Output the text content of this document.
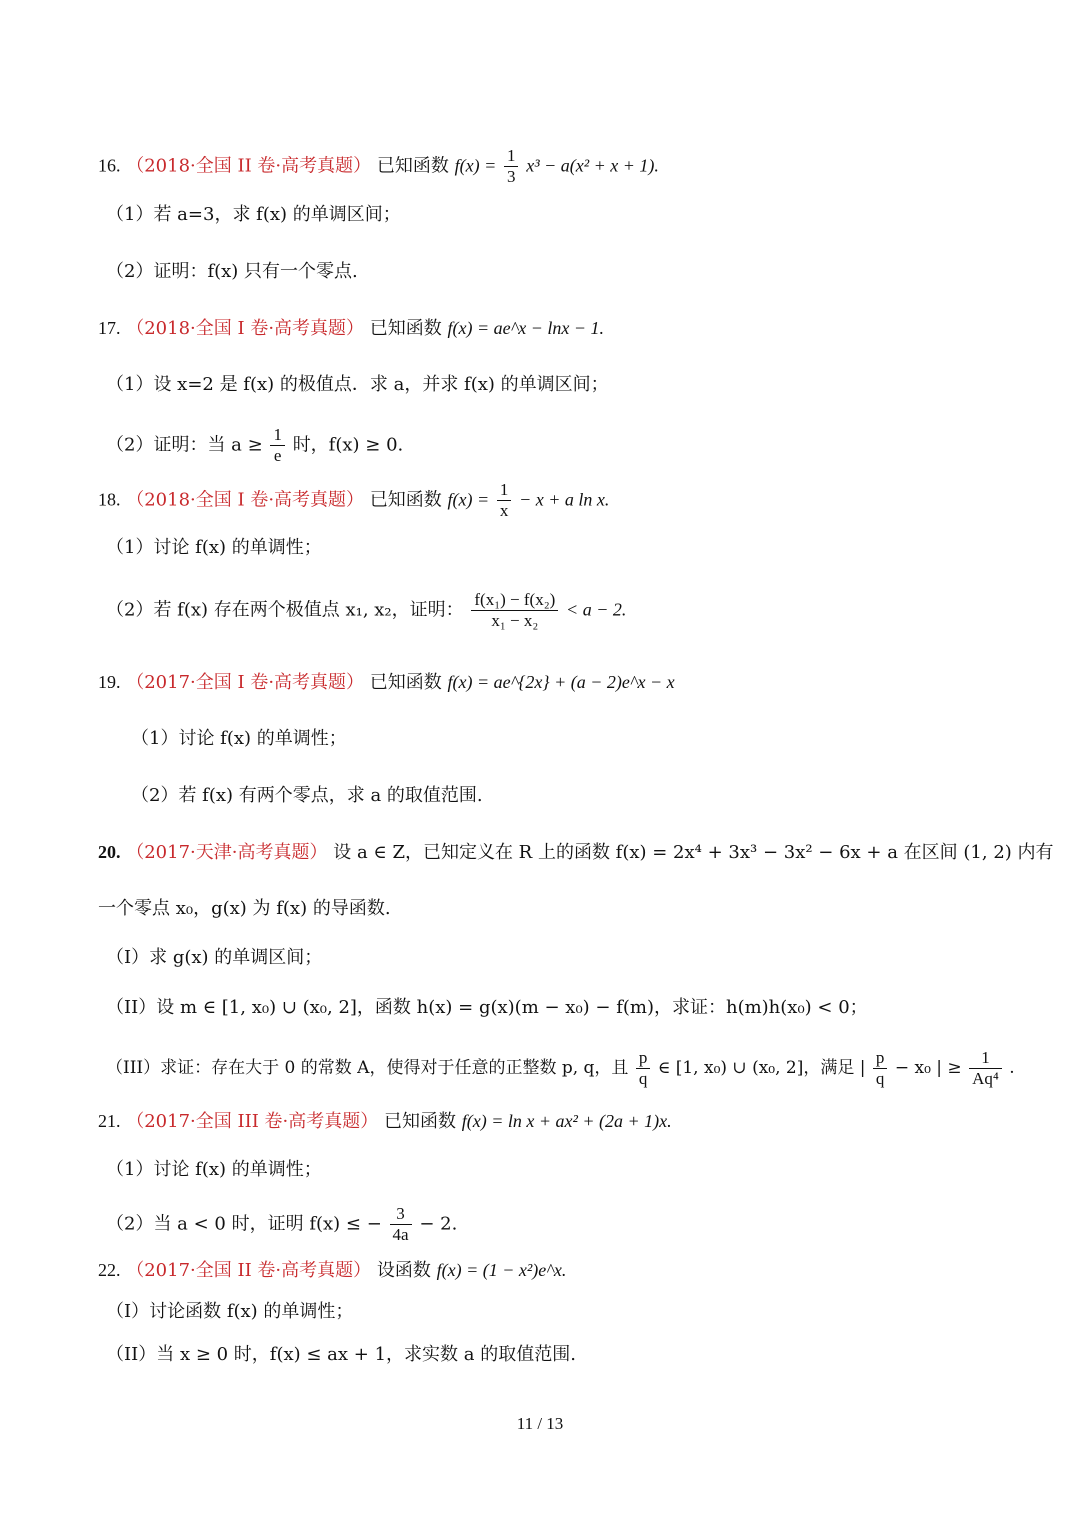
16. （2018·全国 II 卷·高考真题） 已知函数 $f(x) = \frac{1}{3} x^3 - a(x^2 + x + 1)$.
（1）若 a=3，求 f(x) 的单调区间；
（2）证明：f(x) 只有一个零点.
17. （2018·全国 I 卷·高考真题） 已知函数 f(x) = ae^x − lnx − 1.
（1）设 x=2 是 f(x) 的极值点．求 a，并求 f(x) 的单调区间；
（2）证明：当 $a \ge \frac{1}{e}$ 时，f(x) ≥ 0.
18. （2018·全国 I 卷·高考真题） 已知函数 $f(x) = \frac{1}{x} - x + a$ ln x.
（1）讨论 f(x) 的单调性；
（2）若 f(x) 存在两个极值点 x₁, x₂，证明： $\frac{\text{f(x₁) − f(x₂)}}{\text{x₁ − x₂}} < a - 2$.
19. （2017·全国 I 卷·高考真题） 已知函数 f(x) = ae^{2x} + (a − 2)e^x − x
（1）讨论 f(x) 的单调性；
（2）若 f(x) 有两个零点，求 a 的取值范围.
20. （2017·天津·高考真题） 设 a ∈ Z，已知定义在 R 上的函数 f(x) = 2x⁴ + 3x³ − 3x² − 6x + a 在区间 (1, 2) 内有
一个零点 x₀，g(x) 为 f(x) 的导函数.
（I）求 g(x) 的单调区间；
（II）设 m ∈ [1, x₀) ∪ (x₀, 2]，函数 h(x) = g(x)(m − x₀) − f(m)，求证：h(m)h(x₀) < 0；
（III）求证：存在大于 0 的常数 A，使得对于任意的正整数 p, q，且 $\frac{p}{q}$ ∈ [1, x₀) ∪ (x₀, 2]，满足 | $\frac{p}{q} - x_0$ | ≥ $\frac{1}{\text{Aq⁴}}$ .
21. （2017·全国 III 卷·高考真题） 已知函数 f(x) = ln x + ax² + (2a + 1)x.
（1）讨论 f(x) 的单调性；
（2）当 a < 0 时，证明 f(x) ≤ − $\frac{3}{4a} - 2$.
22. （2017·全国 II 卷·高考真题） 设函数 f(x) = (1 − x²)e^x.
（I）讨论函数 f(x) 的单调性；
（II）当 x ≥ 0 时，f(x) ≤ ax + 1，求实数 a 的取值范围.
11 / 13
